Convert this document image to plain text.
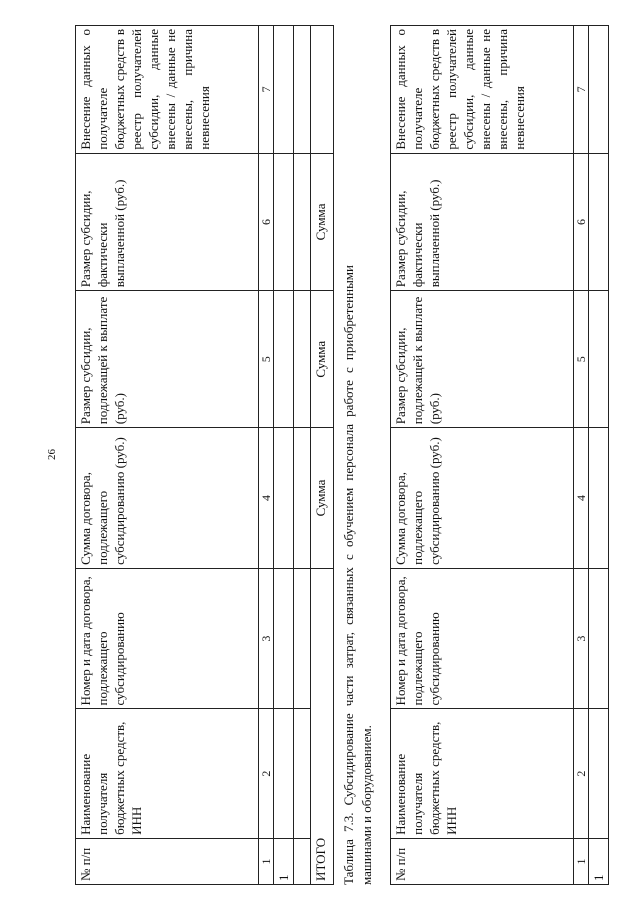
26
№ п/п	Наименование получателя бюджетных средств, ИНН	Номер и дата договора, подлежащего субсидированию	Сумма договора, подлежащего субсидированию (руб.)	Размер субсидии, подлежащей к выплате (руб.)	Размер субсидии, фактически выплаченной (руб.)	Внесение данных о получателе бюджетных средств в реестр получателей субсидии, данные внесены / данные не внесены, причина невнесения
1	2	3	4	5	6	7
1						

ИТОГО			Сумма	Сумма	Сумма	
Таблица 7.3. Субсидирование части затрат, связанных с обучением персонала работе с приобретенными машинами и оборудованием. № п/п	Наименование получателя бюджетных средств, ИНН	Номер и дата договора, подлежащего субсидированию	Сумма договора, подлежащего субсидированию (руб.)	Размер субсидии, подлежащей к выплате (руб.)	Размер субсидии, фактически выплаченной (руб.)	Внесение данных о получателе бюджетных средств в реестр получателей субсидии, данные внесены / данные не внесены, причина невнесения
1	2	3	4	5	6	7
1						
